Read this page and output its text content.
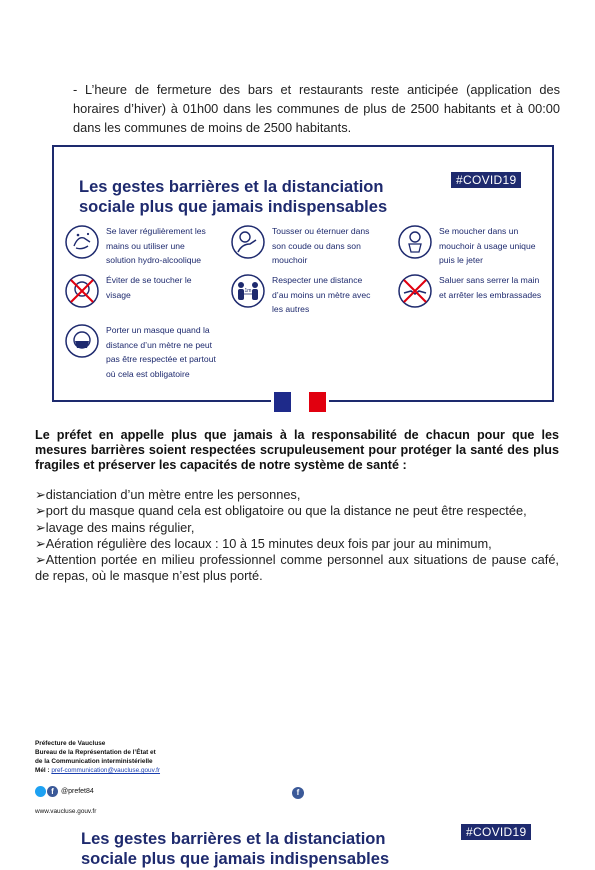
- L’heure de fermeture des bars et restaurants reste anticipée (application des horaires d’hiver) à 01h00 dans les communes de plus de 2500 habitants et à 00:00 dans les communes de moins de 2500 habitants.

Les gestes barrières et la distanciation sociale plus que jamais indispensables
#COVID19
Se laver régulièrement les mains ou utiliser une solution hydro-alcoolique
Tousser ou éternuer dans son coude ou dans son mouchoir
Se moucher dans un mouchoir à usage unique puis le jeter
Éviter de se toucher le visage	1m
Respecter une distance d’au moins un mètre avec les autres
Saluer sans serrer la main et arrêter les embrassades
Porter un masque quand la distance d’un mètre ne peut pas être respectée et partout où cela est obligatoire

Le préfet en appelle plus que jamais à la responsabilité de chacun pour que les mesures barrières soient respectées scrupuleusement pour protéger la santé des plus fragiles et préserver les capacités de notre système de santé :

➢distanciation d’un mètre entre les personnes,
➢port du masque quand cela est obligatoire ou que la distance ne peut être respectée,
➢lavage des mains régulier,
➢Aération régulière des locaux : 10 à 15 minutes deux fois par jour au minimum,
➢Attention portée en milieu professionnel comme personnel aux situations de pause café, de repas, où le masque n’est plus porté.
Préfecture de Vaucluse
Bureau de la Représentation de l’État et
de la Communication interministérielle
Mél : pref-communication@vaucluse.gouv.fr
f	@prefet84	f
www.vaucluse.gouv.fr
Les gestes barrières et la distanciation sociale plus que jamais indispensables
#COVID19
